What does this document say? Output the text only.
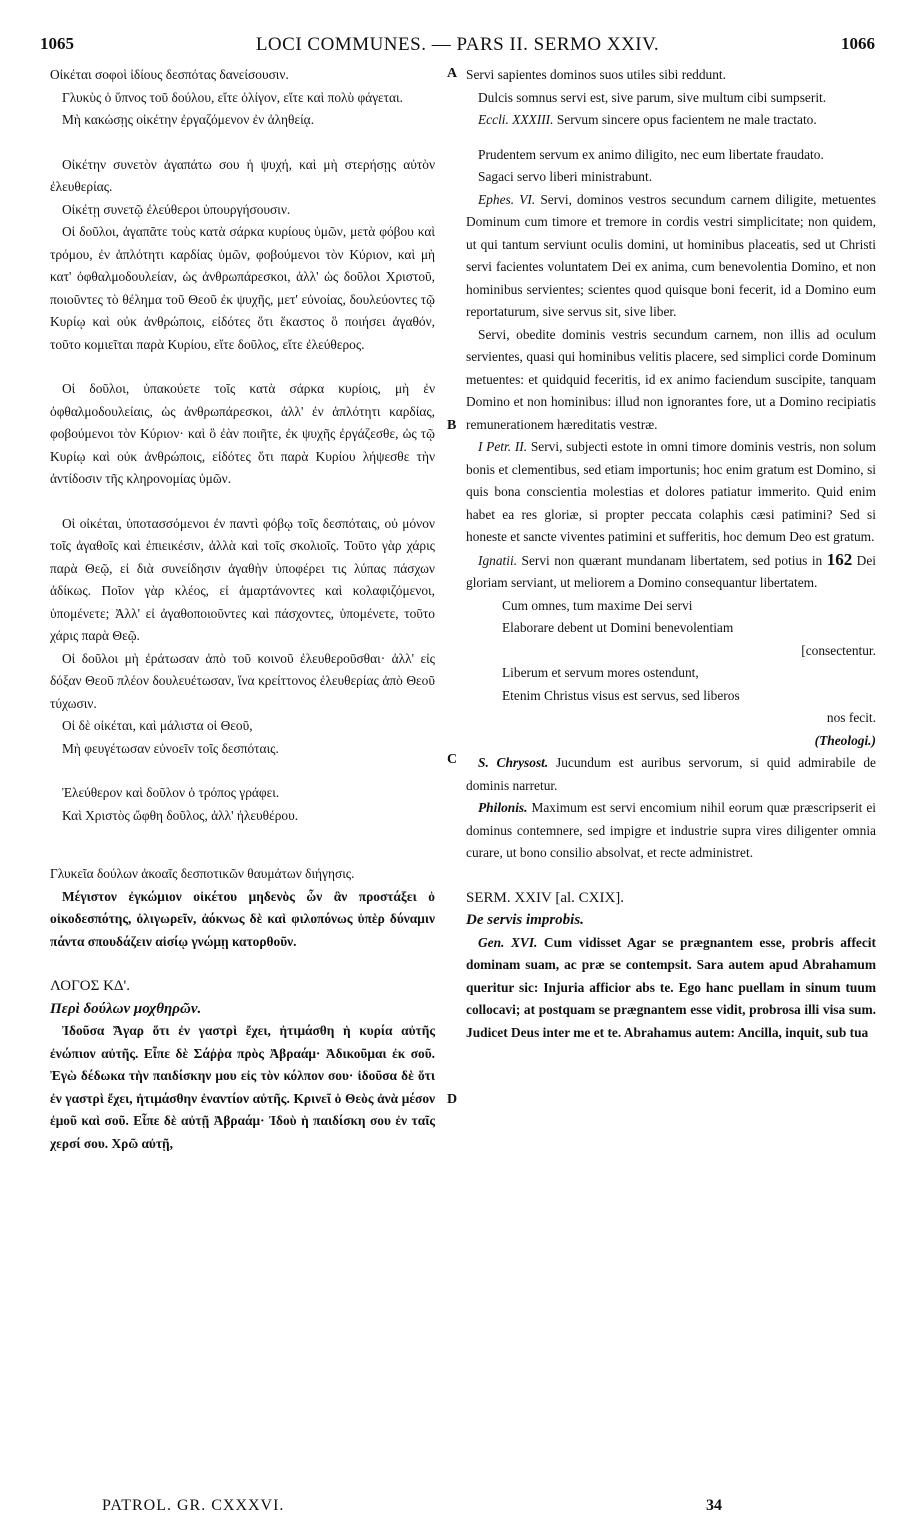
1065	LOCI COMMUNES. — PARS II. SERMO XXIV.	1066
A
B
C
D

Οἰκέται σοφοὶ ἰδίους δεσπότας δανείσουσιν.

Γλυκὺς ὁ ὕπνος τοῦ δούλου, εἴτε ὀλίγον, εἴτε καὶ πολὺ φάγεται.

Μὴ κακώσῃς οἰκέτην ἐργαζόμενον ἐν ἀληθείᾳ.

Οἰκέτην συνετὸν ἀγαπάτω σου ἡ ψυχή, καὶ μὴ στερήσῃς αὐτὸν ἐλευθερίας.

Οἰκέτῃ συνετῷ ἐλεύθεροι ὑπουργήσουσιν.

Οἱ δοῦλοι, ἀγαπᾶτε τοὺς κατὰ σάρκα κυρίους ὑμῶν, μετὰ φόβου καὶ τρόμου, ἐν ἁπλότητι καρδίας ὑμῶν, φοβούμενοι τὸν Κύριον, καὶ μὴ κατ' ὀφθαλμοδουλείαν, ὡς ἀνθρωπάρεσκοι, ἀλλ' ὡς δοῦλοι Χριστοῦ, ποιοῦντες τὸ θέλημα τοῦ Θεοῦ ἐκ ψυχῆς, μετ' εὐνοίας, δουλεύοντες τῷ Κυρίῳ καὶ οὐκ ἀνθρώποις, εἰδότες ὅτι ἕκαστος ὃ ποιήσει ἀγαθόν, τοῦτο κομιεῖται παρὰ Κυρίου, εἴτε δοῦλος, εἴτε ἐλεύθερος.

Οἱ δοῦλοι, ὑπακούετε τοῖς κατὰ σάρκα κυρίοις, μὴ ἐν ὀφθαλμοδουλείαις, ὡς ἀνθρωπάρεσκοι, ἀλλ' ἐν ἁπλότητι καρδίας, φοβούμενοι τὸν Κύριον· καὶ ὃ ἐὰν ποιῆτε, ἐκ ψυχῆς ἐργάζεσθε, ὡς τῷ Κυρίῳ καὶ οὐκ ἀνθρώποις, εἰδότες ὅτι παρὰ Κυρίου λήψεσθε τὴν ἀντίδοσιν τῆς κληρονομίας ὑμῶν.

Οἱ οἰκέται, ὑποτασσόμενοι ἐν παντὶ φόβῳ τοῖς δεσπόταις, οὐ μόνον τοῖς ἀγαθοῖς καὶ ἐπιεικέσιν, ἀλλὰ καὶ τοῖς σκολιοῖς. Τοῦτο γὰρ χάρις παρὰ Θεῷ, εἰ διὰ συνείδησιν ἀγαθὴν ὑποφέρει τις λύπας πάσχων ἀδίκως. Ποῖον γὰρ κλέος, εἰ ἁμαρτάνοντες καὶ κολαφιζόμενοι, ὑπομένετε; Ἀλλ' εἰ ἀγαθοποιοῦντες καὶ πάσχοντες, ὑπομένετε, τοῦτο χάρις παρὰ Θεῷ.

Οἱ δοῦλοι μὴ ἐράτωσαν ἀπὸ τοῦ κοινοῦ ἐλευθεροῦσθαι· ἀλλ' εἰς δόξαν Θεοῦ πλέον δουλευέτωσαν, ἵνα κρείττονος ἐλευθερίας ἀπὸ Θεοῦ τύχωσιν.

Οἱ δὲ οἰκέται, καὶ μάλιστα οἱ Θεοῦ,

Μὴ φευγέτωσαν εὐνοεῖν τοῖς δεσπόταις.

Ἐλεύθερον καὶ δοῦλον ὁ τρόπος γράφει.

Καὶ Χριστὸς ὤφθη δοῦλος, ἀλλ' ἠλευθέρου.

Γλυκεῖα δούλων ἀκοαῖς δεσποτικῶν θαυμάτων διήγησις.

Μέγιστον ἐγκώμιον οἰκέτου μηδενὸς ὧν ἂν προστάξει ὁ οἰκοδεσπότης, ὀλιγωρεῖν, ἀόκνως δὲ καὶ φιλοπόνως ὑπὲρ δύναμιν πάντα σπουδάζειν αἰσίῳ γνώμῃ κατορθοῦν.

ΛΟΓΟΣ ΚΔ'.

Περὶ δούλων μοχθηρῶν.

Ἰδοῦσα Ἄγαρ ὅτι ἐν γαστρὶ ἔχει, ἠτιμάσθη ἡ κυρία αὐτῆς ἐνώπιον αὐτῆς. Εἶπε δὲ Σάῤῥα πρὸς Ἀβραάμ· Ἀδικοῦμαι ἐκ σοῦ. Ἐγὼ δέδωκα τὴν παιδίσκην μου εἰς τὸν κόλπον σου· ἰδοῦσα δὲ ὅτι ἐν γαστρὶ ἔχει, ἠτιμάσθην ἐναντίον αὐτῆς. Κρινεῖ ὁ Θεὸς ἀνὰ μέσον ἐμοῦ καὶ σοῦ. Εἶπε δὲ αὐτῇ Ἀβραάμ· Ἰδοὺ ἡ παιδίσκη σου ἐν ταῖς χερσί σου. Χρῶ αὐτῇ,

Servi sapientes dominos suos utiles sibi reddunt.

Dulcis somnus servi est, sive parum, sive multum cibi sumpserit.

Eccli. XXXIII. Servum sincere opus facientem ne male tractato.

Prudentem servum ex animo diligito, nec eum libertate fraudato.

Sagaci servo liberi ministrabunt.

Ephes. VI. Servi, dominos vestros secundum carnem diligite, metuentes Dominum cum timore et tremore in cordis vestri simplicitate; non quidem, ut qui tantum serviunt oculis domini, ut hominibus placeatis, sed ut Christi servi facientes voluntatem Dei ex anima, cum benevolentia Domino, et non hominibus servientes; scientes quod quisque boni fecerit, id a Domino eum reportaturum, sive servus sit, sive liber.

Servi, obedite dominis vestris secundum carnem, non illis ad oculum servientes, quasi qui hominibus velitis placere, sed simplici corde Dominum metuentes: et quidquid feceritis, id ex animo faciendum suscipite, tanquam Domino et non hominibus: illud non ignorantes fore, ut a Domino recipiatis remunerationem hæreditatis vestræ.

I Petr. II. Servi, subjecti estote in omni timore dominis vestris, non solum bonis et clementibus, sed etiam importunis; hoc enim gratum est Domino, si quis bona conscientia molestias et dolores patiatur immerito. Quid enim habet ea res gloriæ, si propter peccata colaphis cæsi patimini? Sed si honeste et sancte viventes patimini et sufferitis, hoc demum Deo est gratum.

Ignatii. Servi non quærant mundanam libertatem, sed potius in 162 Dei gloriam serviant, ut meliorem a Domino consequantur libertatem.

Cum omnes, tum maxime Dei servi

Elaborare debent ut Domini benevolentiam

[consectentur.

Liberum et servum mores ostendunt,

Etenim Christus visus est servus, sed liberos

nos fecit.

(Theologi.)

S. Chrysost. Jucundum est auribus servorum, si quid admirabile de dominis narretur.

Philonis. Maximum est servi encomium nihil eorum quæ præscripserit ei dominus contemnere, sed impigre et industrie supra vires diligenter omnia curare, ut bono consilio absolvat, et recte administret.

SERM. XXIV [al. CXIX].

De servis improbis.

Gen. XVI. Cum vidisset Agar se prægnantem esse, probris affecit dominam suam, ac præ se contempsit. Sara autem apud Abrahamum queritur sic: Injuria afficior abs te. Ego hanc puellam in sinum tuum collocavi; at postquam se prægnantem esse vidit, probrosa illi visa sum. Judicet Deus inter me et te. Abrahamus autem: Ancilla, inquit, sub tua

PATROL. GR. CXXXVI.	34
